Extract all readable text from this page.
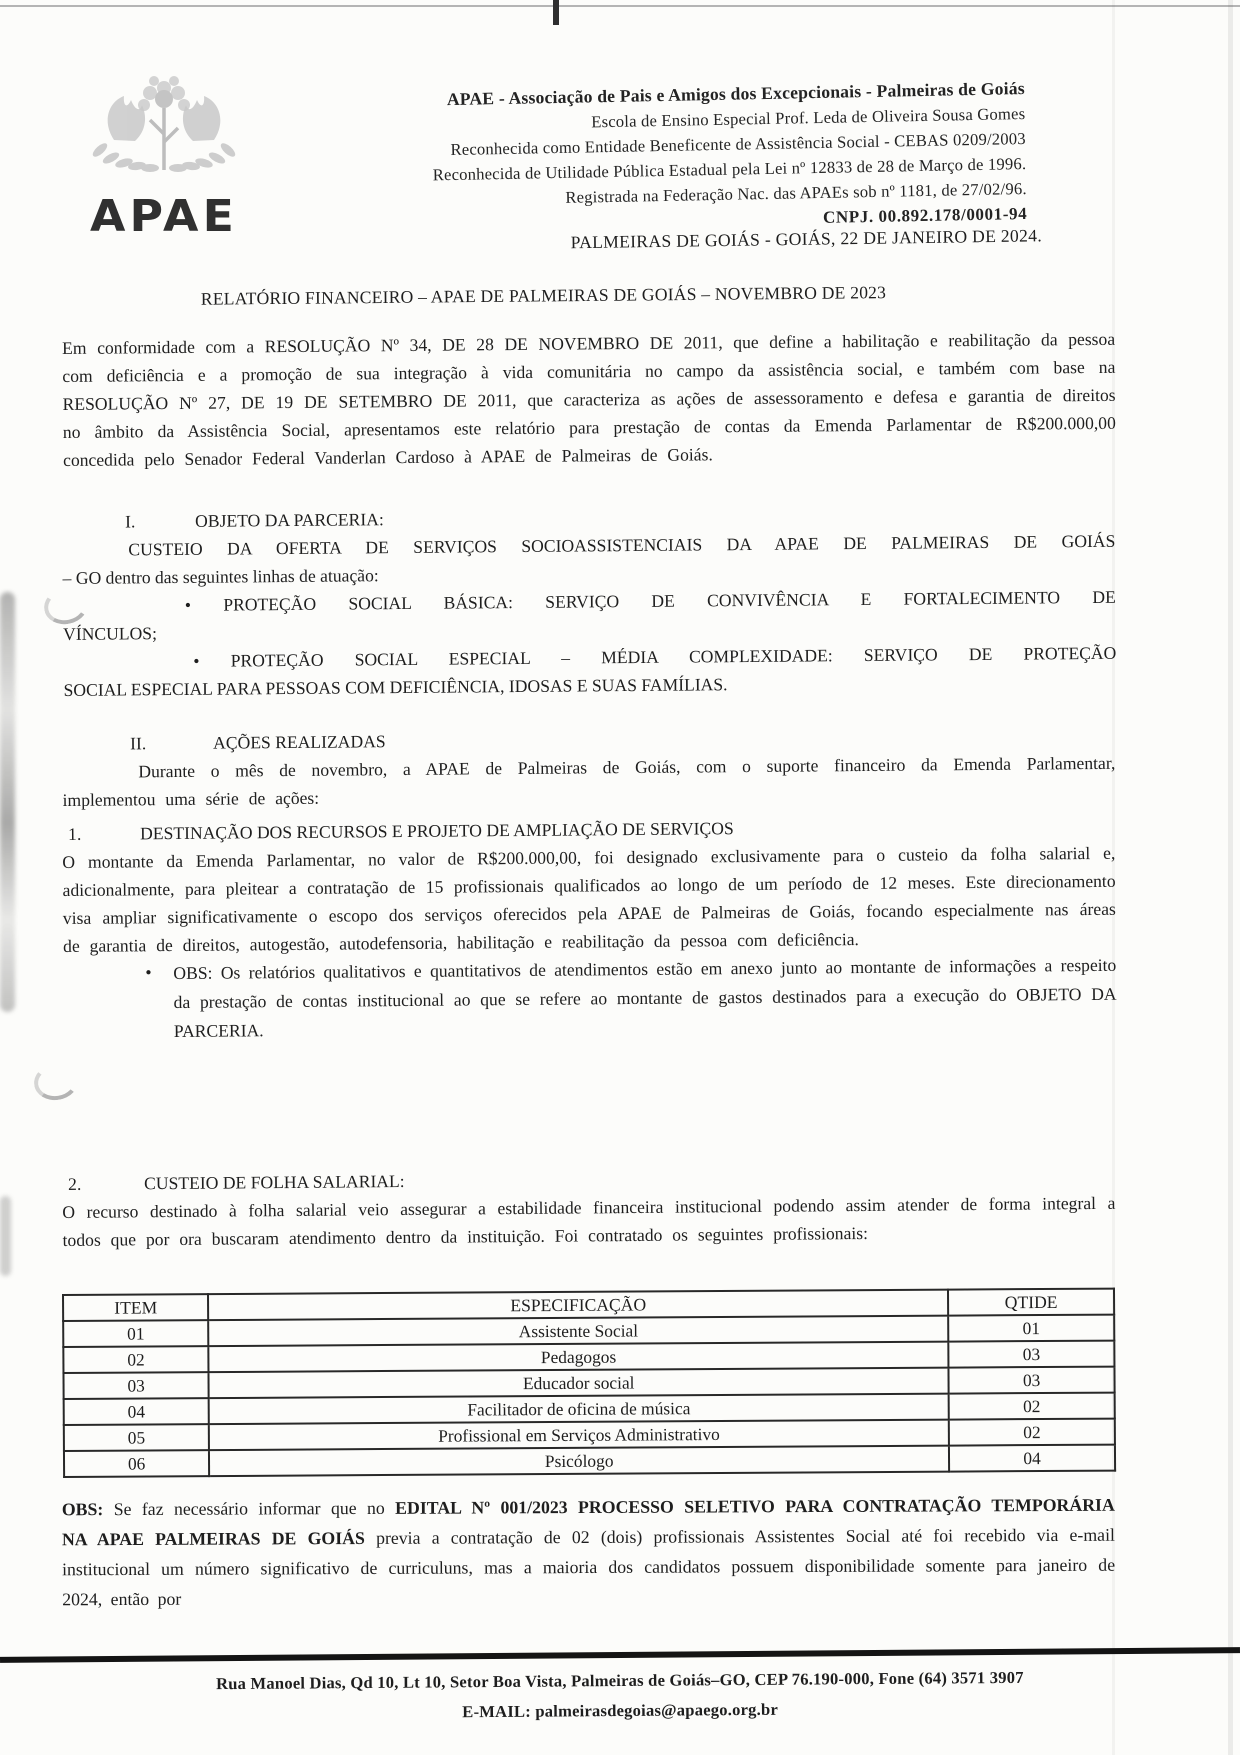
APAE
APAE - Associação de Pais e Amigos dos Excepcionais - Palmeiras de Goiás
Escola de Ensino Especial Prof. Leda de Oliveira Sousa Gomes
Reconhecida como Entidade Beneficente de Assistência Social - CEBAS 0209/2003
Reconhecida de Utilidade Pública Estadual pela Lei nº 12833 de 28 de Março de 1996.
Registrada na Federação Nac. das APAEs sob nº 1181, de 27/02/96.
CNPJ. 00.892.178/0001-94
PALMEIRAS DE GOIÁS - GOIÁS, 22 DE JANEIRO DE 2024.
RELATÓRIO FINANCEIRO – APAE DE PALMEIRAS DE GOIÁS – NOVEMBRO DE 2023

Em conformidade com a RESOLUÇÃO Nº 34, DE 28 DE NOVEMBRO DE 2011, que define a habilitação e reabilitação da pessoa com deficiência e a promoção de sua integração à vida comunitária no campo da assistência social, e também com base na RESOLUÇÃO Nº 27, DE 19 DE SETEMBRO DE 2011, que caracteriza as ações de assessoramento e defesa e garantia de direitos no âmbito da Assistência Social, apresentamos este relatório para prestação de contas da Emenda Parlamentar de R$200.000,00 concedida pelo Senador Federal Vanderlan Cardoso à APAE de Palmeiras de Goiás.

I.	OBJETO DA PARCERIA:

CUSTEIO DA OFERTA DE SERVIÇOS SOCIOASSISTENCIAIS DA APAE DE PALMEIRAS DE GOIÁS

– GO dentro das seguintes linhas de atuação:

• PROTEÇÃO SOCIAL BÁSICA: SERVIÇO DE CONVIVÊNCIA E FORTALECIMENTO DE

VÍNCULOS;

• PROTEÇÃO SOCIAL ESPECIAL – MÉDIA COMPLEXIDADE: SERVIÇO DE PROTEÇÃO

SOCIAL ESPECIAL PARA PESSOAS COM DEFICIÊNCIA, IDOSAS E SUAS FAMÍLIAS.

II.	AÇÕES REALIZADAS

Durante o mês de novembro, a APAE de Palmeiras de Goiás, com o suporte financeiro da Emenda Parlamentar, implementou uma série de ações:

1.	DESTINAÇÃO DOS RECURSOS E PROJETO DE AMPLIAÇÃO DE SERVIÇOS

O montante da Emenda Parlamentar, no valor de R$200.000,00, foi designado exclusivamente para o custeio da folha salarial e, adicionalmente, para pleitear a contratação de 15 profissionais qualificados ao longo de um período de 12 meses. Este direcionamento visa ampliar significativamente o escopo dos serviços oferecidos pela APAE de Palmeiras de Goiás, focando especialmente nas áreas de garantia de direitos, autogestão, autodefensoria, habilitação e reabilitação da pessoa com deficiência.

• OBS: Os relatórios qualitativos e quantitativos de atendimentos estão em anexo junto ao montante de informações a respeito da prestação de contas institucional ao que se refere ao montante de gastos destinados para a execução do OBJETO DA PARCERIA.

2.	CUSTEIO DE FOLHA SALARIAL:

O recurso destinado à folha salarial veio assegurar a estabilidade financeira institucional podendo assim atender de forma integral a todos que por ora buscaram atendimento dentro da instituição. Foi contratado os seguintes profissionais:

ITEM	ESPECIFICAÇÃO	QTIDE
01	Assistente Social	01
02	Pedagogos	03
03	Educador social	03
04	Facilitador de oficina de música	02
05	Profissional em Serviços Administrativo	02
06	Psicólogo	04
OBS: Se faz necessário informar que no EDITAL Nº 001/2023 PROCESSO SELETIVO PARA CONTRATAÇÃO TEMPORÁRIA NA APAE PALMEIRAS DE GOIÁS previa a contratação de 02 (dois) profissionais Assistentes Social até foi recebido via e-mail institucional um número significativo de curriculuns, mas a maioria dos candidatos possuem disponibilidade somente para janeiro de 2024, então por
Rua Manoel Dias, Qd 10, Lt 10, Setor Boa Vista, Palmeiras de Goiás–GO, CEP 76.190-000, Fone (64) 3571 3907
E-MAIL: palmeirasdegoias@apaego.org.br
